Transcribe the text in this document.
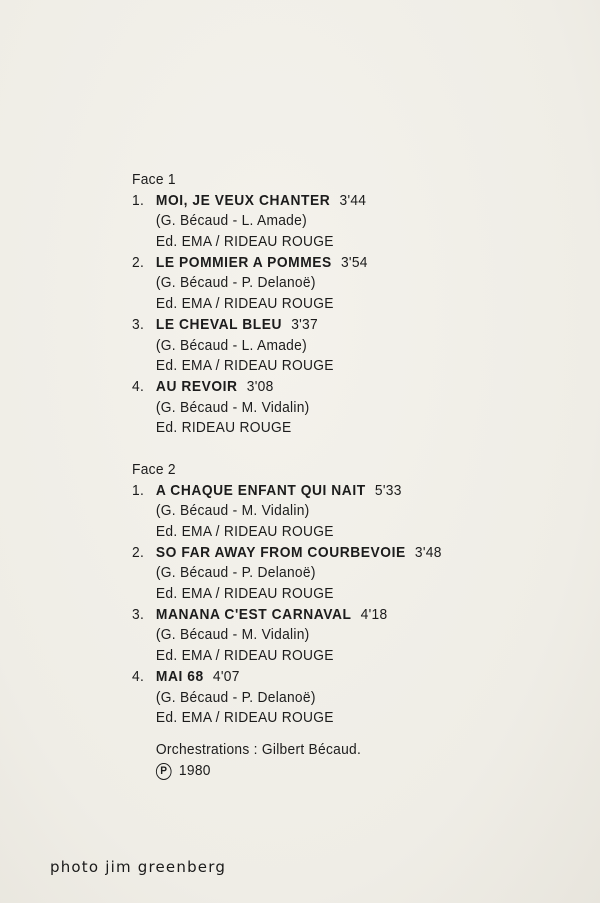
Face 1
1. MOI, JE VEUX CHANTER 3'44
(G. Bécaud - L. Amade)
Ed. EMA / RIDEAU ROUGE
2. LE POMMIER A POMMES 3'54
(G. Bécaud - P. Delanoë)
Ed. EMA / RIDEAU ROUGE
3. LE CHEVAL BLEU 3'37
(G. Bécaud - L. Amade)
Ed. EMA / RIDEAU ROUGE
4. AU REVOIR 3'08
(G. Bécaud - M. Vidalin)
Ed. RIDEAU ROUGE
Face 2
1. A CHAQUE ENFANT QUI NAIT 5'33
(G. Bécaud - M. Vidalin)
Ed. EMA / RIDEAU ROUGE
2. SO FAR AWAY FROM COURBEVOIE 3'48
(G. Bécaud - P. Delanoë)
Ed. EMA / RIDEAU ROUGE
3. MANANA C'EST CARNAVAL 4'18
(G. Bécaud - M. Vidalin)
Ed. EMA / RIDEAU ROUGE
4. MAI 68 4'07
(G. Bécaud - P. Delanoë)
Ed. EMA / RIDEAU ROUGE
Orchestrations : Gilbert Bécaud.
P 1980
photo jim greenberg
